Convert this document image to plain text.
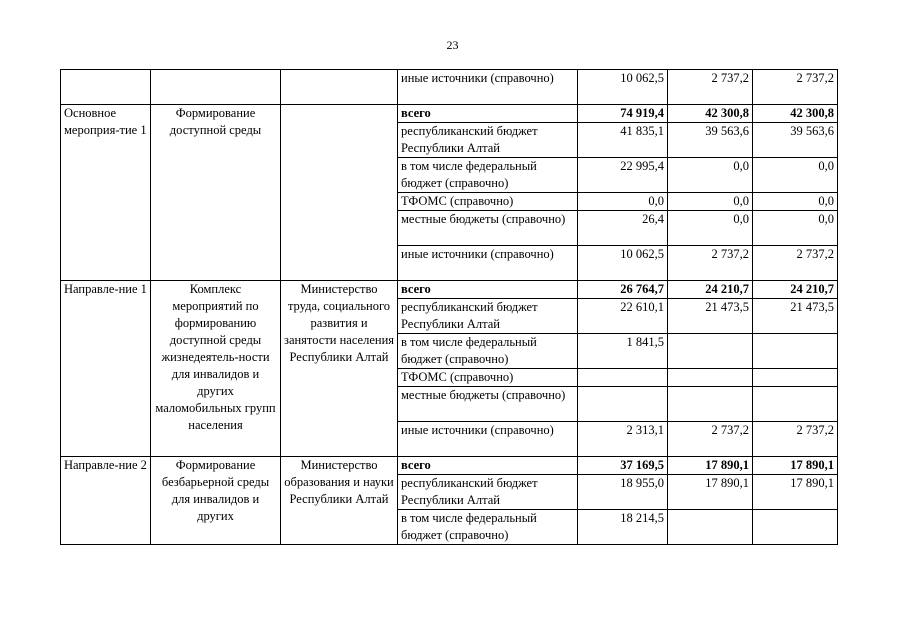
23
			иные источники (справочно)	10 062,5	2 737,2	2 737,2
Основное мероприя-тие 1	Формирование доступной среды		всего	74 919,4	42 300,8	42 300,8
			республиканский бюджет Республики Алтай	41 835,1	39 563,6	39 563,6
			в том числе федеральный бюджет (справочно)	22 995,4	0,0	0,0
			ТФОМС (справочно)	0,0	0,0	0,0
			местные бюджеты (справочно)	26,4	0,0	0,0
			иные источники (справочно)	10 062,5	2 737,2	2 737,2
Направле-ние 1	Комплекс мероприятий по формированию доступной среды жизнедеятель-ности для инвалидов и других маломобильных групп населения	Министерство труда, социального развития и занятости населения Республики Алтай	всего	26 764,7	24 210,7	24 210,7
			республиканский бюджет Республики Алтай	22 610,1	21 473,5	21 473,5
			в том числе федеральный бюджет (справочно)	1 841,5		
			ТФОМС (справочно)			
			местные бюджеты (справочно)			
			иные источники (справочно)	2 313,1	2 737,2	2 737,2
Направле-ние 2	Формирование безбарьерной среды для инвалидов и других	Министерство образования и науки Республики Алтай	всего	37 169,5	17 890,1	17 890,1
			республиканский бюджет Республики Алтай	18 955,0	17 890,1	17 890,1
			в том числе федеральный бюджет (справочно)	18 214,5		
